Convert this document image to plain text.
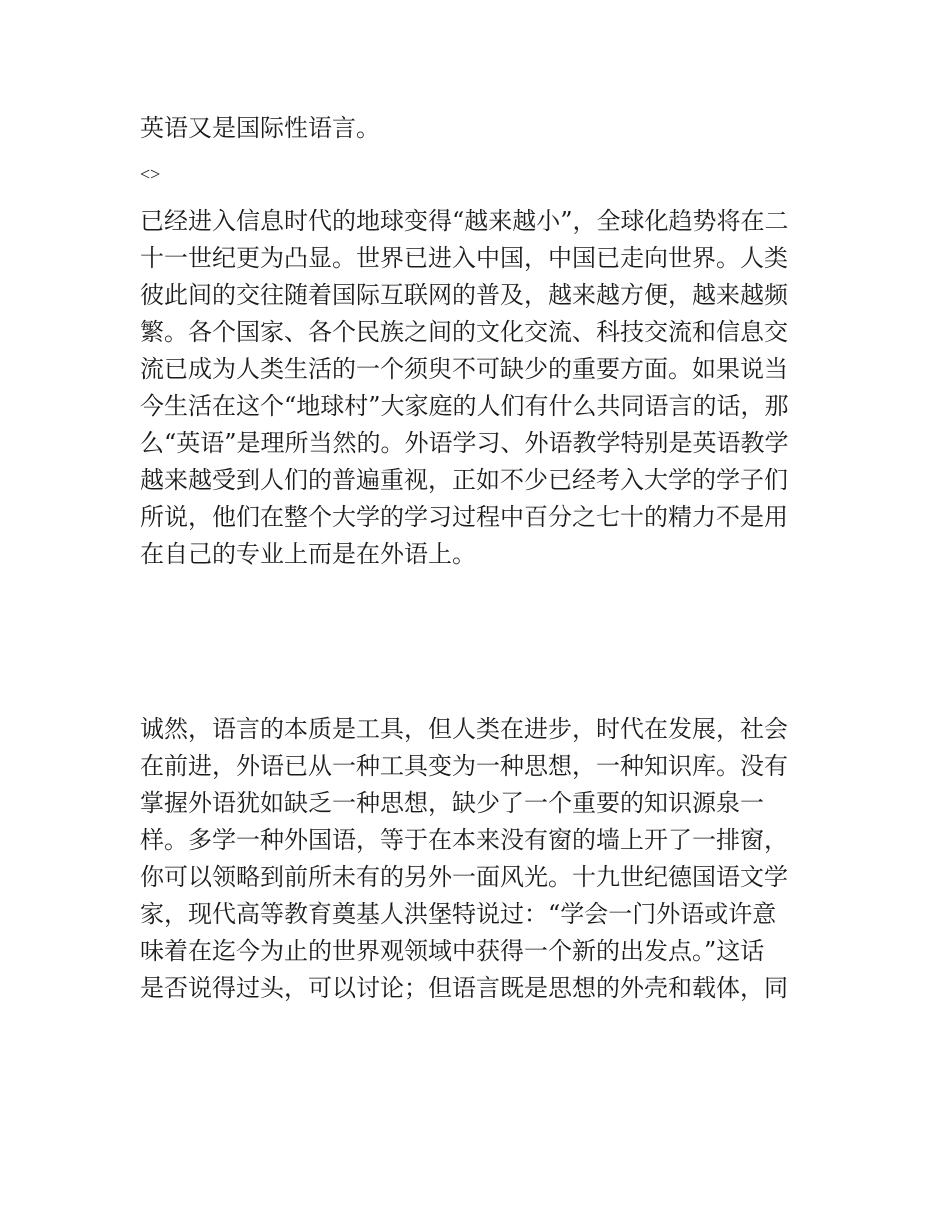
英语又是国际性语言。

<>

已经进入信息时代的地球变得“越来越小”，全球化趋势将在二
十一世纪更为凸显。世界已进入中国，中国已走向世界。人类
彼此间的交往随着国际互联网的普及，越来越方便，越来越频
繁。各个国家、各个民族之间的文化交流、科技交流和信息交
流已成为人类生活的一个须臾不可缺少的重要方面。如果说当
今生活在这个“地球村”大家庭的人们有什么共同语言的话，那
么“英语”是理所当然的。外语学习、外语教学特别是英语教学
越来越受到人们的普遍重视，正如不少已经考入大学的学子们
所说，他们在整个大学的学习过程中百分之七十的精力不是用
在自己的专业上而是在外语上。
诚然，语言的本质是工具，但人类在进步，时代在发展，社会
在前进，外语已从一种工具变为一种思想，一种知识库。没有
掌握外语犹如缺乏一种思想，缺少了一个重要的知识源泉一
样。多学一种外国语，等于在本来没有窗的墙上开了一排窗，
你可以领略到前所未有的另外一面风光。十九世纪德国语文学
家，现代高等教育奠基人洪堡特说过：“学会一门外语或许意
味着在迄今为止的世界观领域中获得一个新的出发点。”这话
是否说得过头，可以讨论；但语言既是思想的外壳和载体，同
